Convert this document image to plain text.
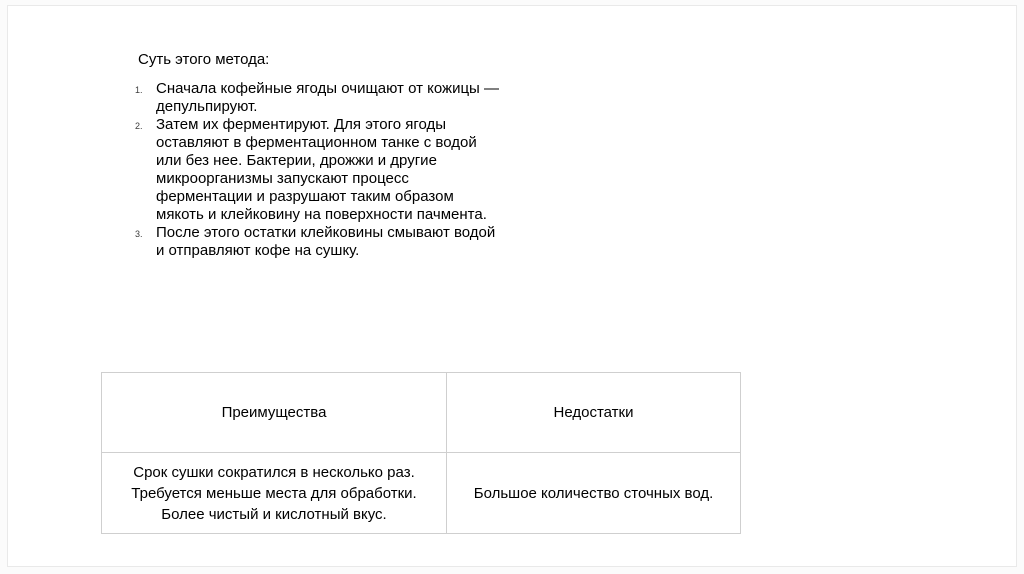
Суть этого метода:
1. Сначала кофейные ягоды очищают от кожицы —
депульпируют.
2. Затем их ферментируют. Для этого ягоды
оставляют в ферментационном танке с водой
или без нее. Бактерии, дрожжи и другие
микроорганизмы запускают процесс
ферментации и разрушают таким образом
мякоть и клейковину на поверхности пачмента.
3. После этого остатки клейковины смывают водой
и отправляют кофе на сушку.
Преимущества	Недостатки
Срок сушки сократился в несколько раз.
Требуется меньше места для обработки.
Более чистый и кислотный вкус.
Большое количество сточных вод.
